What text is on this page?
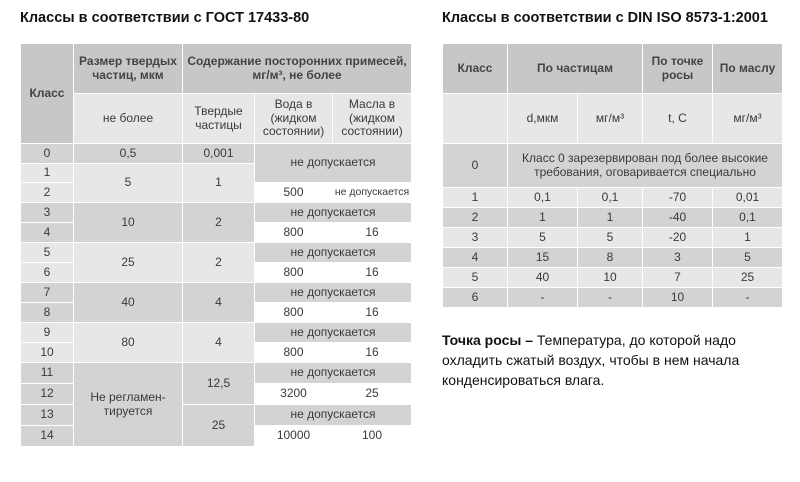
Классы в соответствии с ГОСТ 17433-80	Классы в соответствии с DIN ISO 8573-1:2001
Класс	Размер твердых частиц, мкм	Содержание посторонних примесей, мг/м³, не более		
	не более	Твердые частицы	Вода в (жидком состоянии)	Масла в (жидком состоянии)
0	0,5	0,001	не допускается	
1	5	1		
2			500	не допускается
3	10	2	не допускается	
4			800	16
5	25	2	не допускается	
6			800	16
7	40	4	не допускается	
8			800	16
9	80	4	не допускается	
10			800	16
11	Не регламен-тируется	12,5	не допускается	
12			3200	25
13		25	не допускается	
14			10000	100
Класс	По частицам		По точке росы	По маслу
	d,мкм	мг/м³	t, C	мг/м³
0	Класс 0 зарезервирован под более высокие требования, оговаривается специально			
1	0,1	0,1	-70	0,01
2	1	1	-40	0,1
3	5	5	-20	1
4	15	8	3	5
5	40	10	7	25
6	-	-	10	-
Точка росы – Температура, до которой надо охладить сжатый воздух, чтобы в нем начала конденсироваться влага.
